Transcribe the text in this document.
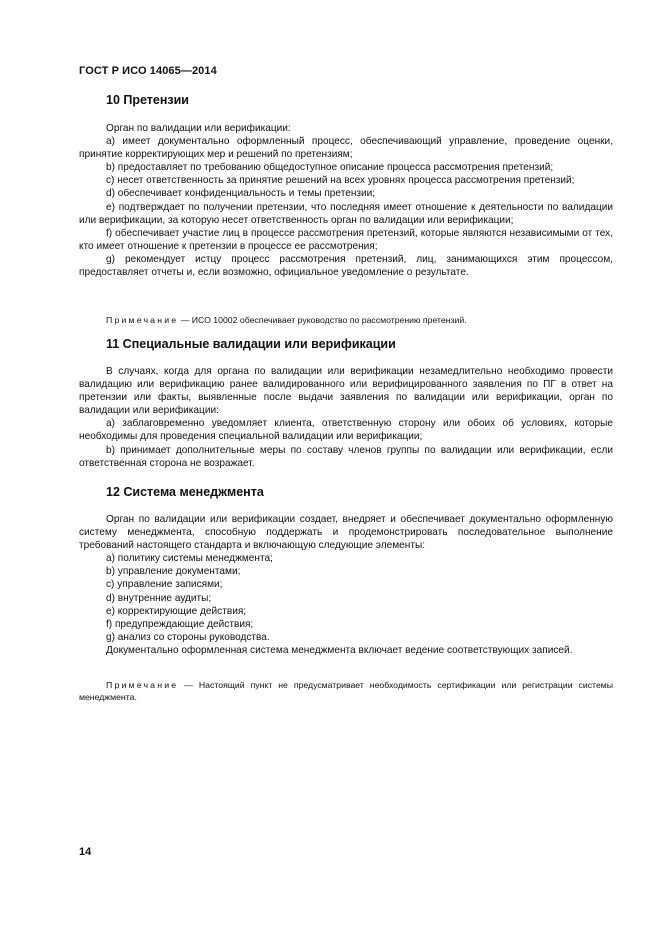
ГОСТ Р ИСО 14065—2014
10 Претензии

Орган по валидации или верификации:

a) имеет документально оформленный процесс, обеспечивающий управление, проведение оценки, принятие корректирующих мер и решений по претензиям;

b) предоставляет по требованию общедоступное описание процесса рассмотрения претензий;

c) несет ответственность за принятие решений на всех уровнях процесса рассмотрения претензий;

d) обеспечивает конфиденциальность и темы претензии;

e) подтверждает по получении претензии, что последняя имеет отношение к деятельности по валидации или верификации, за которую несет ответственность орган по валидации или верификации;

f) обеспечивает участие лиц в процессе рассмотрения претензий, которые являются независимыми от тех, кто имеет отношение к претензии в процессе ее рассмотрения;

g) рекомендует истцу процесс рассмотрения претензий, лиц, занимающихся этим процессом, предоставляет отчеты и, если возможно, официальное уведомление о результате.

Примечание — ИСО 10002 обеспечивает руководство по рассмотрению претензий.

11 Специальные валидации или верификации

В случаях, когда для органа по валидации или верификации незамедлительно необходимо провести валидацию или верификацию ранее валидированного или верифицированного заявления по ПГ в ответ на претензии или факты, выявленные после выдачи заявления по валидации или верификации, орган по валидации или верификации:

a) заблаговременно уведомляет клиента, ответственную сторону или обоих об условиях, которые необходимы для проведения специальной валидации или верификации;

b) принимает дополнительные меры по составу членов группы по валидации или верификации, если ответственная сторона не возражает.

12 Система менеджмента

Орган по валидации или верификации создает, внедряет и обеспечивает документально оформленную систему менеджмента, способную поддержать и продемонстрировать последовательное выполнение требований настоящего стандарта и включающую следующие элементы:

a) политику системы менеджмента;

b) управление документами;

c) управление записями;

d) внутренние аудиты;

e) корректирующие действия;

f) предупреждающие действия;

g) анализ со стороны руководства.

Документально оформленная система менеджмента включает ведение соответствующих записей.

Примечание — Настоящий пункт не предусматривает необходимость сертификации или регистрации системы менеджмента.

14
